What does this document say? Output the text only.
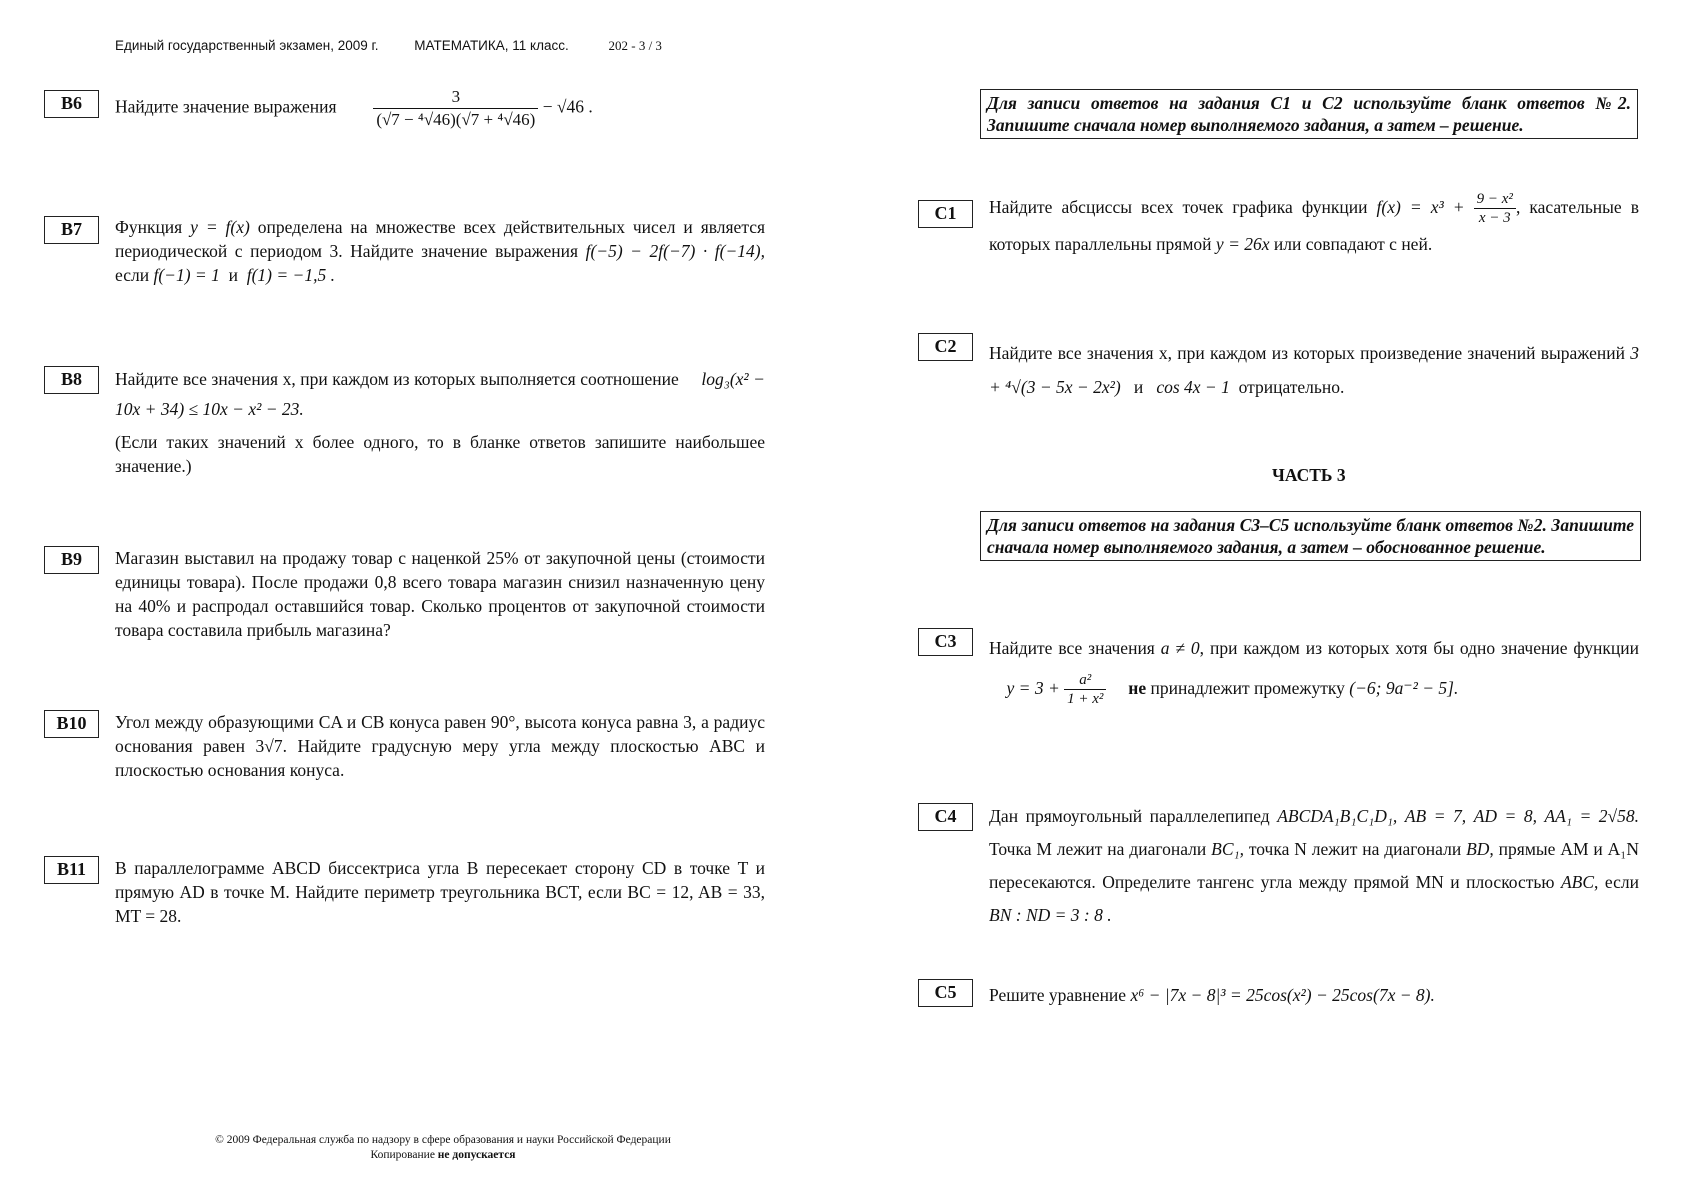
Единый государственный экзамен, 2009 г.	МАТЕМАТИКА, 11 класс.	202 - 3 / 3
B6	Найдите значение выражения $\frac{3}{\text{(√7 − ⁴√46)(√7 + ⁴√46)}} - √46$ .
B7	Функция y = f(x) определена на множестве всех действительных чисел и является периодической с периодом 3. Найдите значение выражения f(−5) − 2f(−7) · f(−14), если f(−1) = 1 и f(1) = −1,5 .

B8	Найдите все значения x, при каждом из которых выполняется соотношение log₃(x² − 10x + 34) ≤ 10x − x² − 23.

(Если таких значений x более одного, то в бланке ответов запишите наибольшее значение.)

B9	Магазин выставил на продажу товар с наценкой 25% от закупочной цены (стоимости единицы товара). После продажи 0,8 всего товара магазин снизил назначенную цену на 40% и распродал оставшийся товар. Сколько процентов от закупочной стоимости товара составила прибыль магазина?

B10	Угол между образующими CA и CB конуса равен 90°, высота конуса равна 3, а радиус основания равен 3√7. Найдите градусную меру угла между плоскостью ABC и плоскостью основания конуса.

B11	В параллелограмме ABCD биссектриса угла B пересекает сторону CD в точке T и прямую AD в точке M. Найдите периметр треугольника BCT, если BC = 12, AB = 33, MT = 28.

Для записи ответов на задания C1 и C2 используйте бланк ответов №2. Запишите сначала номер выполняемого задания, а затем – решение.
C1	Найдите абсциссы всех точек графика функции $f(x) = x^3 + \frac{\text{9 − x²}}{x - 3}$ , касательные в которых параллельны прямой y = 26x или совпадают с ней.

C2	Найдите все значения x, при каждом из которых произведение значений выражений 3 + ⁴√(3 − 5x − 2x²) и cos 4x − 1 отрицательно.

ЧАСТЬ 3
Для записи ответов на задания C3–C5 используйте бланк ответов №2. Запишите сначала номер выполняемого задания, а затем – обоснованное решение.
C3	Найдите все значения a ≠ 0, при каждом из которых хотя бы одно значение функции     $y = 3 + \frac{\text{a²}}{\text{1 + x²}}$ не принадлежит промежутку (−6; 9a⁻² − 5].

C4	Дан прямоугольный параллелепипед ABCDA₁B₁C₁D₁, AB = 7, AD = 8, AA₁ = 2√58. Точка M лежит на диагонали BC₁, точка N лежит на диагонали BD, прямые AM и A₁N пересекаются. Определите тангенс угла между прямой MN и плоскостью ABC, если BN : ND = 3 : 8 .

C5	Решите уравнение x⁶ − |7x − 8|³ = 25cos(x²) − 25cos(7x − 8).

© 2009 Федеральная служба по надзору в сфере образования и науки Российской Федерации
Копирование не допускается
